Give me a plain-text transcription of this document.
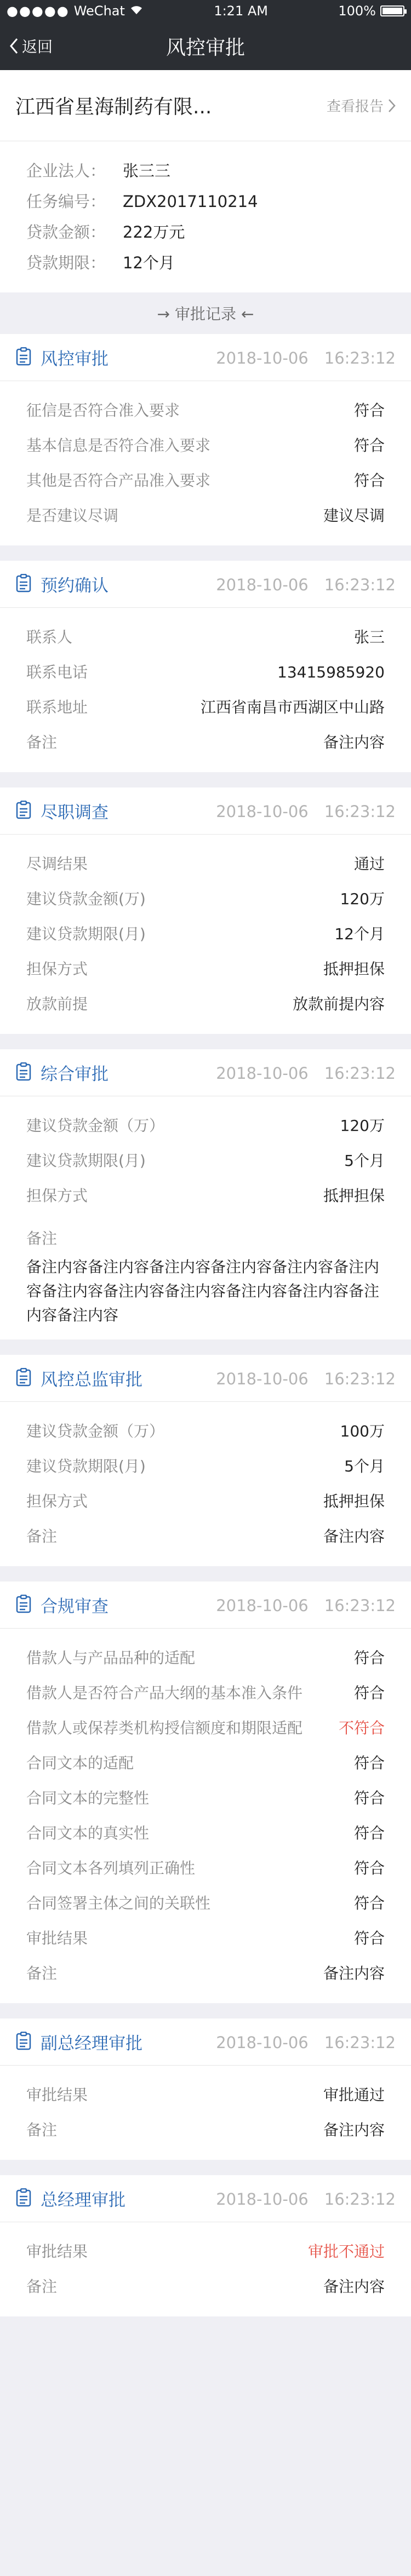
●●●●● WeChat	1:21 AM	100%
返回	风控审批
江西省星海制药有限...	查看报告
企业法人：	张三三
任务编号：	ZDX2017110214
贷款金额：	222万元
贷款期限：	12个月
→ 审批记录 ←
风控审批	2018-10-06　16:23:12
征信是否符合准入要求	符合
基本信息是否符合准入要求	符合
其他是否符合产品准入要求	符合
是否建议尽调	建议尽调
预约确认	2018-10-06　16:23:12
联系人	张三
联系电话	13415985920
联系地址	江西省南昌市西湖区中山路
备注	备注内容
尽职调查	2018-10-06　16:23:12
尽调结果	通过
建议贷款金额(万)	120万
建议贷款期限(月)	12个月
担保方式	抵押担保
放款前提	放款前提内容
综合审批	2018-10-06　16:23:12
建议贷款金额（万）	120万
建议贷款期限(月)	5个月
担保方式	抵押担保
备注
备注内容备注内容备注内容备注内容备注内容备注内容备注内容备注内容备注内容备注内容备注内容备注内容备注内容
风控总监审批	2018-10-06　16:23:12
建议贷款金额（万）	100万
建议贷款期限(月)	5个月
担保方式	抵押担保
备注	备注内容
合规审查	2018-10-06　16:23:12
借款人与产品品种的适配	符合
借款人是否符合产品大纲的基本准入条件	符合
借款人或保荐类机构授信额度和期限适配 不符合
合同文本的适配	符合
合同文本的完整性	符合
合同文本的真实性	符合
合同文本各列填列正确性	符合
合同签署主体之间的关联性	符合
审批结果	符合
备注	备注内容
副总经理审批	2018-10-06　16:23:12
审批结果	审批通过
备注	备注内容
总经理审批	2018-10-06　16:23:12
审批结果	审批不通过
备注	备注内容
